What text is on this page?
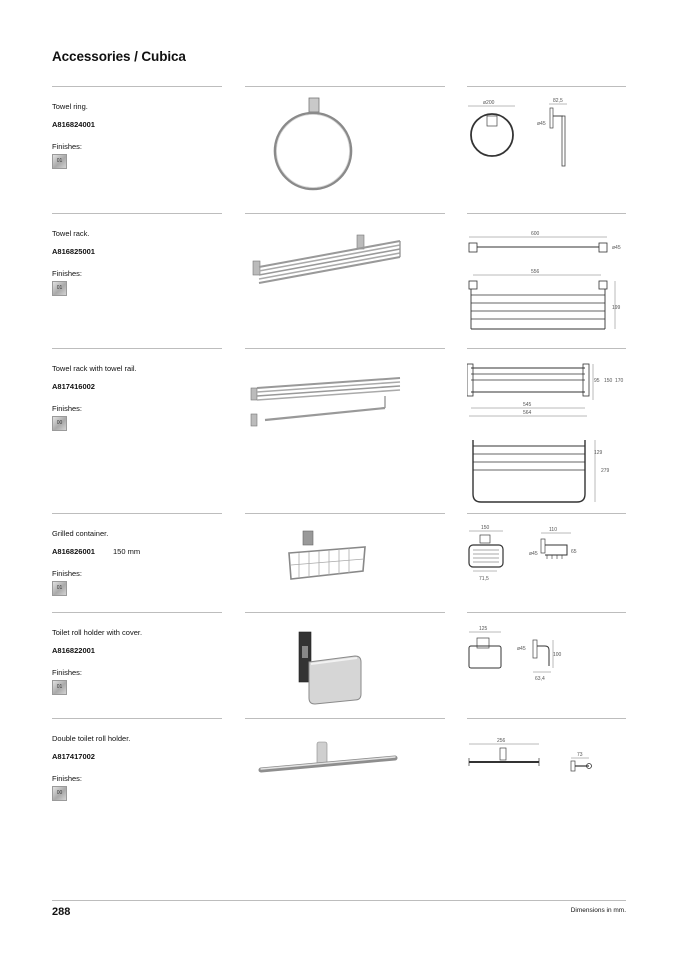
Accessories / Cubica
Towel ring.
A816824001
Finishes:
01
ø200	82,5
ø45
Towel rack.
A816825001
Finishes:
01
600
ø45
556
199
Towel rack with towel rail.
A817416002
Finishes:
00
95 150 170
545
564
129
279
Grilled container.
A816826001 150 mm
Finishes:
01
150
71,5
110
ø45	65
Toilet roll holder with cover.
A816822001
Finishes:
01
125
ø45
100
63,4
Double toilet roll holder.
A817417002
Finishes:
00
256
73
288	Dimensions in mm.
